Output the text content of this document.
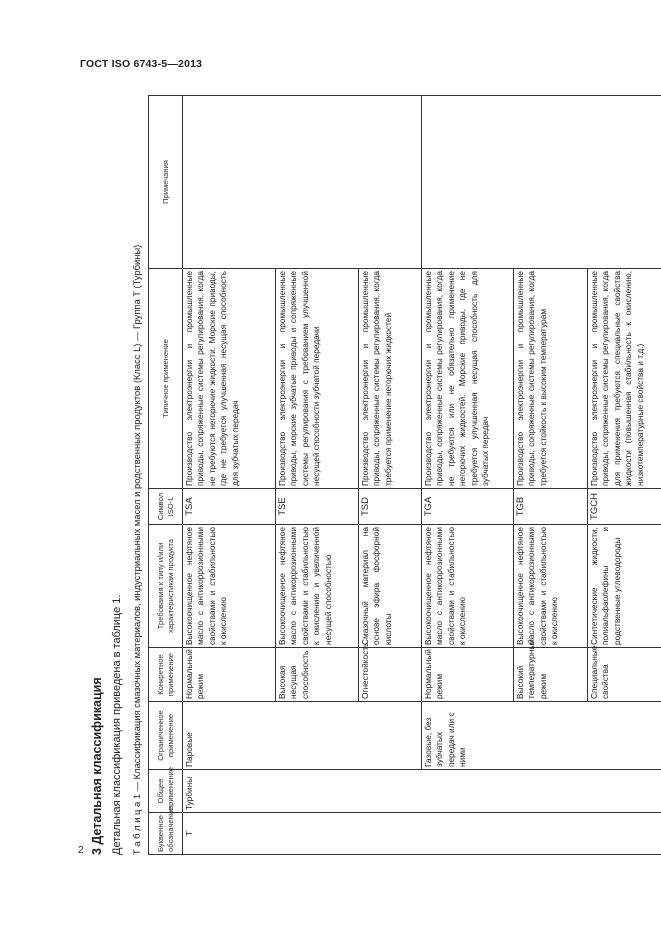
ГОСТ ISO 6743-5—2013
2 3 Детальная классификация Детальная классификация приведена в таблице 1. Т а б л и ц а 1 — Классификация смазочных материалов, индустриальных масел и родственных продуктов (Класс L) — Группа T (Турбины) Буквенное обозначение	Общее применение	Ограниченное применение	Конкретное применение	Требования к типу и/или характеристикам продукта	Символ ISO-L	Типичное применение	Примечания
T	Турбины	Паровые	Нормальный режим	Высокоочищенное нефтяное масло с антикоррозионными свойствами и стабильностью к окислению	TSA	Производство электроэнергии и промышленные приводы, сопряженные системы регулирования, когда не требуются негорючие жидкости. Морские приводы, где не требуется улучшенная несущая способность для зубчатых передач	
			Высокая несущая способность	Высокоочищенное нефтяное масло с антикоррозионными свойствами и стабильностью к окислению и увеличенной несущей способностью	TSE	Производство электроэнергии и промышленные приводы, морские зубчатые приводы и сопряженные системы регулирования с требованием улучшенной несущей способности зубчатой передачи	
			Огнестойкость	Смазочный материал на основе эфира фосфорной кислоты	TSD	Производство электроэнергии и промышленные приводы, сопряженные системы регулирования, когда требуется применение негорючих жидкостей	
		Газовые, без зубчатых передач или с ними	Нормальный режим	Высокоочищенное нефтяное масло с антикоррозионными свойствами и стабильностью к окислению	TGA	Производство электроэнергии и промышленные приводы, сопряженные системы регулирования, когда не требуются или не обязательно применение негорючих жидкостей. Морские приводы, где не требуется улучшенная несущая способность для зубчатых передач	
			Высокий температурный режим	Высокоочищенное нефтяное масло с антикоррозионными свойствами и стабильностью к окислению	TGB	Производство электроэнергии и промышленные приводы, сопряженные системы регулирования, когда требуется стойкость к высоким температурам	
			Специальные свойства	Синтетические жидкости, полиальфаолефины и родственные углеводороды	TGCH	Производство электроэнергии и промышленные приводы, сопряженные системы регулирования, когда для применения требуются специальные свойства жидкости (повышенная стабильность к окислению, низкотемпературные свойства и т.д.)	
